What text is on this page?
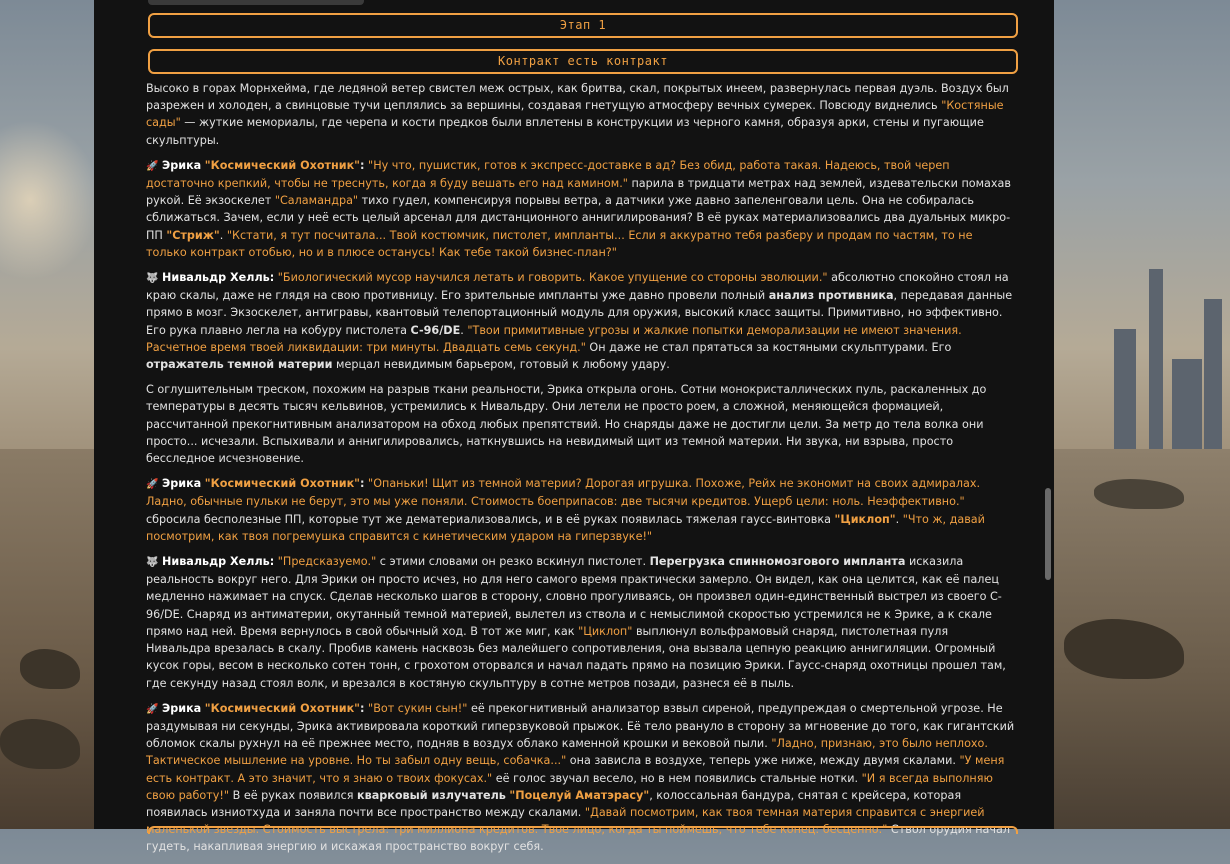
Этап 1
Контракт есть контракт

Высоко в горах Морнхейма, где ледяной ветер свистел меж острых, как бритва, скал, покрытых инеем, развернулась первая дуэль. Воздух был разрежен и холоден, а свинцовые тучи цеплялись за вершины, создавая гнетущую атмосферу вечных сумерек. Повсюду виднелись "Костяные сады" — жуткие мемориалы, где черепа и кости предков были вплетены в конструкции из черного камня, образуя арки, стены и пугающие скульптуры.

🚀 Эрика "Космический Охотник": "Ну что, пушистик, готов к экспресс-доставке в ад? Без обид, работа такая. Надеюсь, твой череп достаточно крепкий, чтобы не треснуть, когда я буду вешать его над камином." парила в тридцати метрах над землей, издевательски помахав рукой. Её экзоскелет "Саламандра" тихо гудел, компенсируя порывы ветра, а датчики уже давно запеленговали цель. Она не собиралась сближаться. Зачем, если у неё есть целый арсенал для дистанционного аннигилирования? В её руках материализовались два дуальных микро-ПП "Стриж". "Кстати, я тут посчитала... Твой костюмчик, пистолет, импланты... Если я аккуратно тебя разберу и продам по частям, то не только контракт отобью, но и в плюсе останусь! Как тебе такой бизнес-план?"

🐺 Нивальдр Хелль: "Биологический мусор научился летать и говорить. Какое упущение со стороны эволюции." абсолютно спокойно стоял на краю скалы, даже не глядя на свою противницу. Его зрительные импланты уже давно провели полный анализ противника, передавая данные прямо в мозг. Экзоскелет, антигравы, квантовый телепортационный модуль для оружия, высокий класс защиты. Примитивно, но эффективно. Его рука плавно легла на кобуру пистолета C-96/DE. "Твои примитивные угрозы и жалкие попытки деморализации не имеют значения. Расчетное время твоей ликвидации: три минуты. Двадцать семь секунд." Он даже не стал прятаться за костяными скульптурами. Его отражатель темной материи мерцал невидимым барьером, готовый к любому удару.

С оглушительным треском, похожим на разрыв ткани реальности, Эрика открыла огонь. Сотни монокристаллических пуль, раскаленных до температуры в десять тысяч кельвинов, устремились к Нивальдру. Они летели не просто роем, а сложной, меняющейся формацией, рассчитанной прекогнитивным анализатором на обход любых препятствий. Но снаряды даже не достигли цели. За метр до тела волка они просто... исчезали. Вспыхивали и аннигилировались, наткнувшись на невидимый щит из темной материи. Ни звука, ни взрыва, просто бесследное исчезновение.

🚀 Эрика "Космический Охотник": "Опаньки! Щит из темной материи? Дорогая игрушка. Похоже, Рейх не экономит на своих адмиралах. Ладно, обычные пульки не берут, это мы уже поняли. Стоимость боеприпасов: две тысячи кредитов. Ущерб цели: ноль. Неэффективно." сбросила бесполезные ПП, которые тут же дематериализовались, и в её руках появилась тяжелая гаусс-винтовка "Циклоп". "Что ж, давай посмотрим, как твоя погремушка справится с кинетическим ударом на гиперзвуке!"

🐺 Нивальдр Хелль: "Предсказуемо." с этими словами он резко вскинул пистолет. Перегрузка спинномозгового импланта исказила реальность вокруг него. Для Эрики он просто исчез, но для него самого время практически замерло. Он видел, как она целится, как её палец медленно нажимает на спуск. Сделав несколько шагов в сторону, словно прогуливаясь, он произвел один-единственный выстрел из своего C-96/DE. Снаряд из антиматерии, окутанный темной материей, вылетел из ствола и с немыслимой скоростью устремился не к Эрике, а к скале прямо над ней. Время вернулось в свой обычный ход. В тот же миг, как "Циклоп" выплюнул вольфрамовый снаряд, пистолетная пуля Нивальдра врезалась в скалу. Пробив камень насквозь без малейшего сопротивления, она вызвала цепную реакцию аннигиляции. Огромный кусок горы, весом в несколько сотен тонн, с грохотом оторвался и начал падать прямо на позицию Эрики. Гаусс-снаряд охотницы прошел там, где секунду назад стоял волк, и врезался в костяную скульптуру в сотне метров позади, разнеся её в пыль.

🚀 Эрика "Космический Охотник": "Вот сукин сын!" её прекогнитивный анализатор взвыл сиреной, предупреждая о смертельной угрозе. Не раздумывая ни секунды, Эрика активировала короткий гиперзвуковой прыжок. Её тело рвануло в сторону за мгновение до того, как гигантский обломок скалы рухнул на её прежнее место, подняв в воздух облако каменной крошки и вековой пыли. "Ладно, признаю, это было неплохо. Тактическое мышление на уровне. Но ты забыл одну вещь, собачка..." она зависла в воздухе, теперь уже ниже, между двумя скалами. "У меня есть контракт. А это значит, что я знаю о твоих фокусах." её голос звучал весело, но в нем появились стальные нотки. "И я всегда выполняю свою работу!" В её руках появился кварковый излучатель "Поцелуй Аматэрасу", колоссальная бандура, снятая с крейсера, которая появилась изниотхуда и заняла почти все пространство между скалами. "Давай посмотрим, как твоя темная материя справится с энергией маленькой звезды. Стоимость выстрела: три миллиона кредитов. Твое лицо, когда ты поймешь, что тебе конец: бесценно." Ствол орудия начал гудеть, накапливая энергию и искажая пространство вокруг себя.
